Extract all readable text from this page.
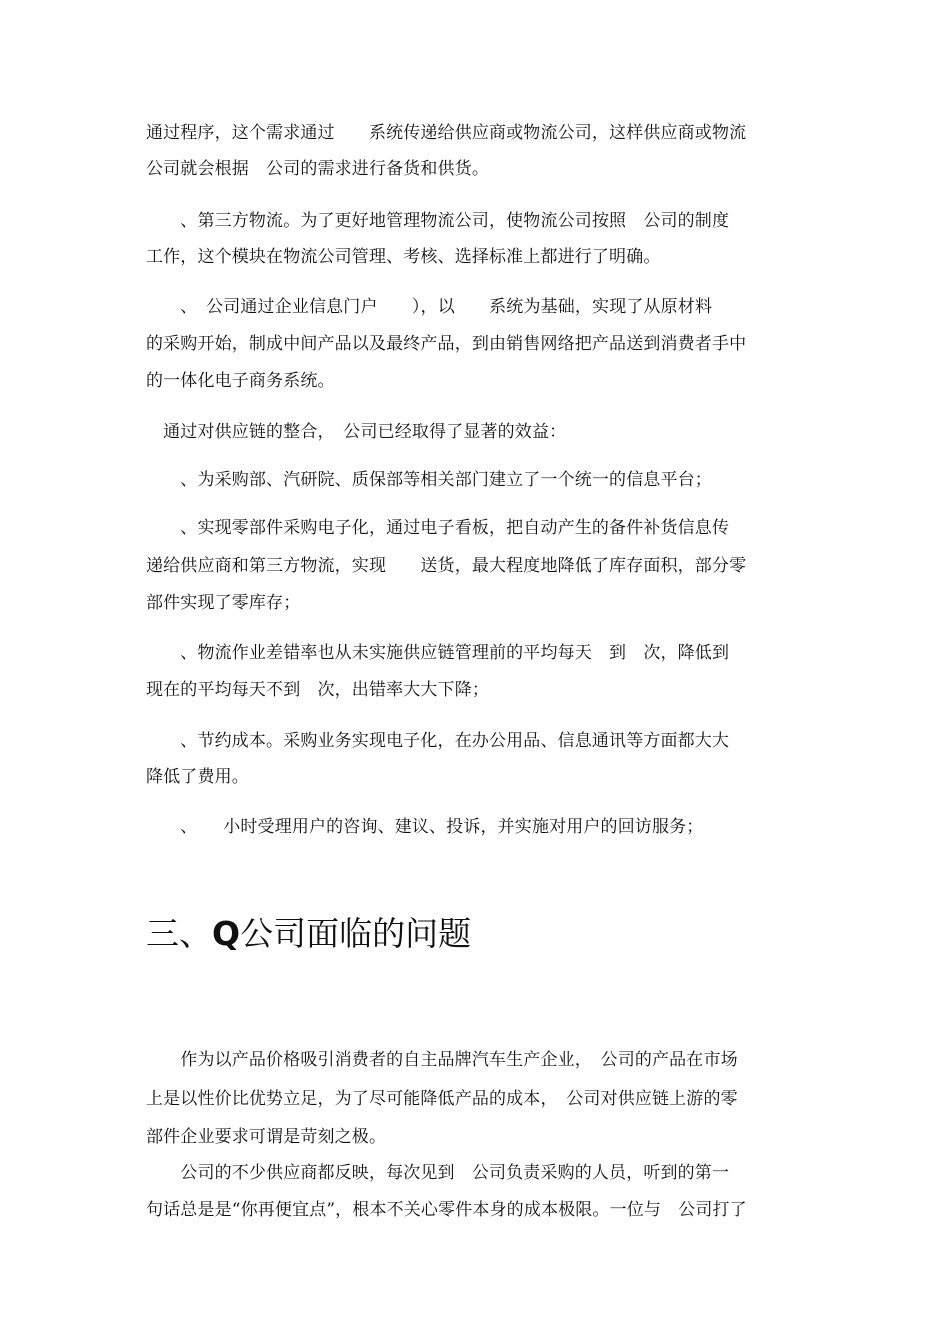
通过程序，这个需求通过　　系统传递给供应商或物流公司，这样供应商或物流
公司就会根据　公司的需求进行备货和供货。
　　、第三方物流。为了更好地管理物流公司，使物流公司按照　公司的制度
工作，这个模块在物流公司管理、考核、选择标准上都进行了明确。
　　、　公司通过企业信息门户　　），以　　系统为基础，实现了从原材料
的采购开始，制成中间产品以及最终产品，到由销售网络把产品送到消费者手中
的一体化电子商务系统。
　通过对供应链的整合，　公司已经取得了显著的效益：
　　、为采购部、汽研院、质保部等相关部门建立了一个统一的信息平台；
　　、实现零部件采购电子化，通过电子看板，把自动产生的备件补货信息传
递给供应商和第三方物流，实现　　送货，最大程度地降低了库存面积，部分零
部件实现了零库存；
　　、物流作业差错率也从未实施供应链管理前的平均每天　到　次，降低到
现在的平均每天不到　次，出错率大大下降；
　　、节约成本。采购业务实现电子化，在办公用品、信息通讯等方面都大大
降低了费用。
　　、　　小时受理用户的咨询、建议、投诉，并实施对用户的回访服务；
三、Q公司面临的问题
　　作为以产品价格吸引消费者的自主品牌汽车生产企业，　公司的产品在市场
上是以性价比优势立足，为了尽可能降低产品的成本，　公司对供应链上游的零
部件企业要求可谓是苛刻之极。
　　公司的不少供应商都反映，每次见到　公司负责采购的人员，听到的第一
句话总是是“你再便宜点”，根本不关心零件本身的成本极限。一位与　公司打了
